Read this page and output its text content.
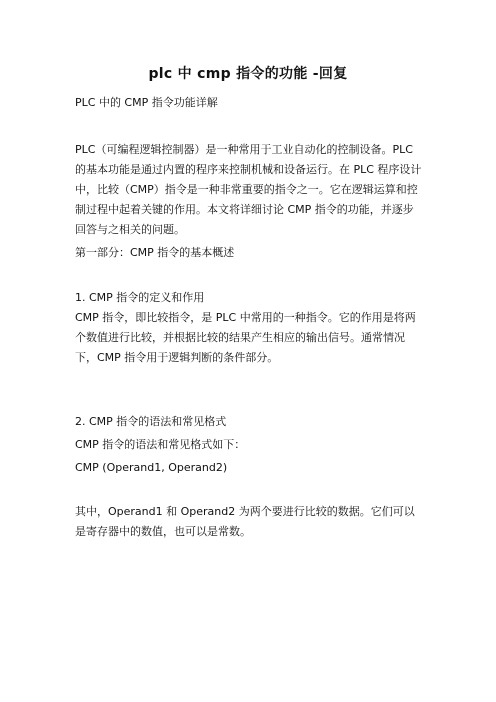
plc 中 cmp 指令的功能 -回复
PLC 中的 CMP 指令功能详解
PLC（可编程逻辑控制器）是一种常用于工业自动化的控制设备。PLC 的基本功能是通过内置的程序来控制机械和设备运行。在 PLC 程序设计中，比较（CMP）指令是一种非常重要的指令之一。它在逻辑运算和控制过程中起着关键的作用。本文将详细讨论 CMP 指令的功能，并逐步回答与之相关的问题。
第一部分：CMP 指令的基本概述
1. CMP 指令的定义和作用
CMP 指令，即比较指令，是 PLC 中常用的一种指令。它的作用是将两个数值进行比较，并根据比较的结果产生相应的输出信号。通常情况下，CMP 指令用于逻辑判断的条件部分。
2. CMP 指令的语法和常见格式
CMP 指令的语法和常见格式如下：
CMP (Operand1, Operand2)
其中，Operand1 和 Operand2 为两个要进行比较的数据。它们可以是寄存器中的数值，也可以是常数。
